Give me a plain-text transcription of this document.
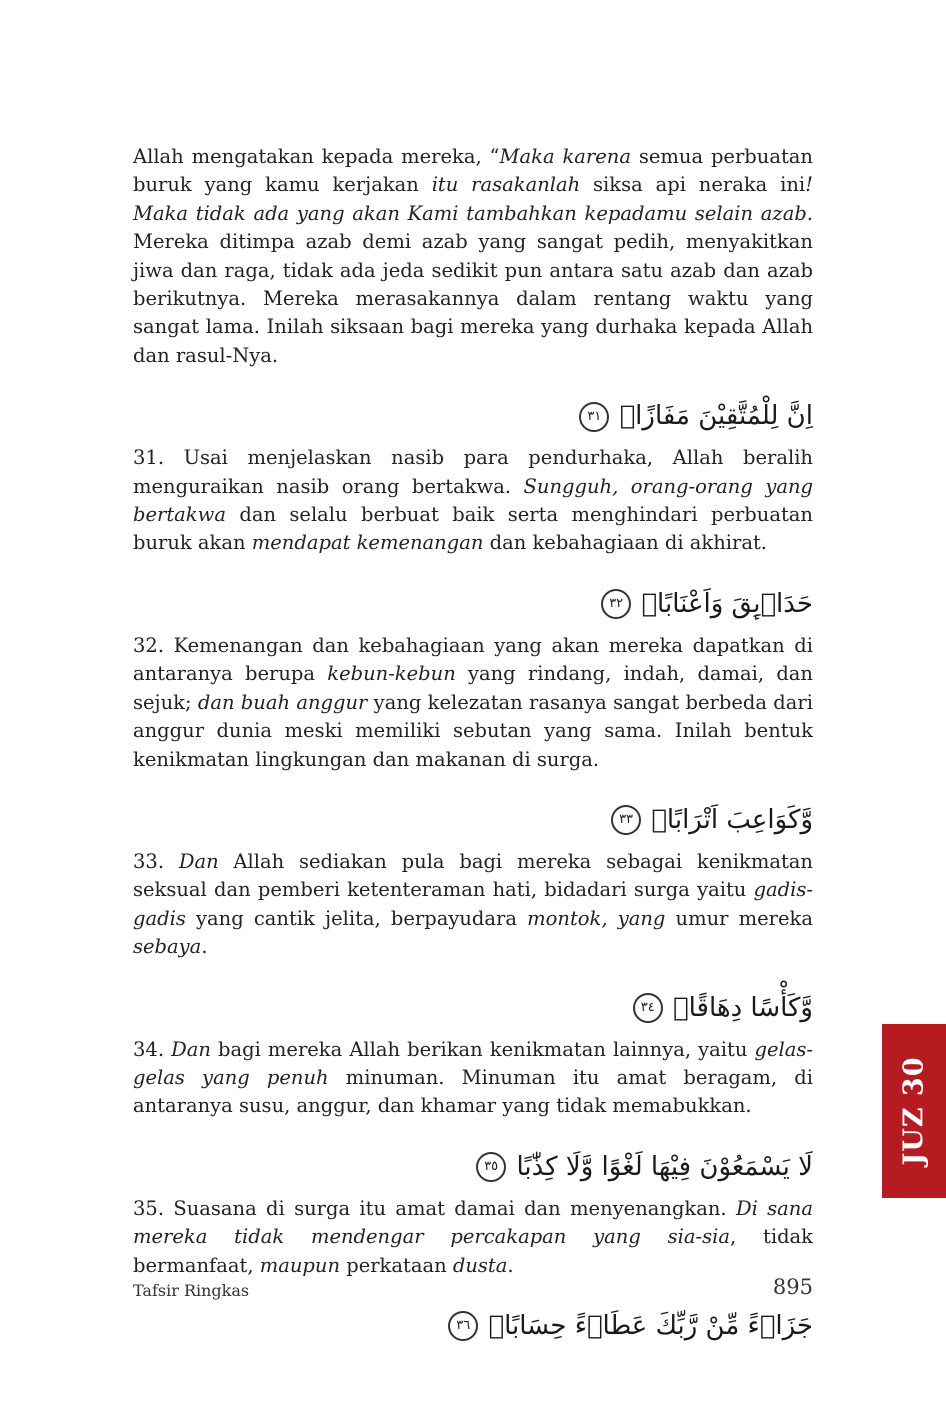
Allah mengatakan kepada mereka, “Maka karena semua perbuatan buruk yang kamu kerjakan itu rasakanlah siksa api neraka ini! Maka tidak ada yang akan Kami tambahkan kepadamu selain azab. Mereka ditimpa azab demi azab yang sangat pedih, menyakitkan jiwa dan raga, tidak ada jeda sedikit pun antara satu azab dan azab berikutnya. Mereka merasakannya dalam rentang waktu yang sangat lama. Inilah siksaan bagi mereka yang durhaka kepada Allah dan rasul-Nya.

اِنَّ لِلْمُتَّقِيْنَ مَفَازًاۙ ٣١

31. Usai menjelaskan nasib para pendurhaka, Allah beralih menguraikan nasib orang bertakwa. Sungguh, orang-orang yang bertakwa dan selalu berbuat baik serta menghindari perbuatan buruk akan mendapat kemenangan dan kebahagiaan di akhirat.

حَدَاۤىِٕقَ وَاَعْنَابًاۙ ٣٢

32. Kemenangan dan kebahagiaan yang akan mereka dapatkan di antaranya berupa kebun-kebun yang rindang, indah, damai, dan sejuk; dan buah anggur yang kelezatan rasanya sangat berbeda dari anggur dunia meski memiliki sebutan yang sama. Inilah bentuk kenikmatan lingkungan dan makanan di surga.

وَّكَوَاعِبَ اَتْرَابًاۙ ٣٣

33. Dan Allah sediakan pula bagi mereka sebagai kenikmatan seksual dan pemberi ketenteraman hati, bidadari surga yaitu gadis-gadis yang cantik jelita, berpayudara montok, yang umur mereka sebaya.

وَّكَأْسًا دِهَاقًاۗ ٣٤

34. Dan bagi mereka Allah berikan kenikmatan lainnya, yaitu gelas-gelas yang penuh minuman. Minuman itu amat beragam, di antaranya susu, anggur, dan khamar yang tidak memabukkan.

لَا يَسْمَعُوْنَ فِيْهَا لَغْوًا وَّلَا كِذّٰبًا ٣٥

35. Suasana di surga itu amat damai dan menyenangkan. Di sana mereka tidak mendengar percakapan yang sia-sia, tidak bermanfaat, maupun perkataan dusta.

جَزَاۤءً مِّنْ رَّبِّكَ عَطَاۤءً حِسَابًاۙ ٣٦
JUZ 30
Tafsir Ringkas	895
